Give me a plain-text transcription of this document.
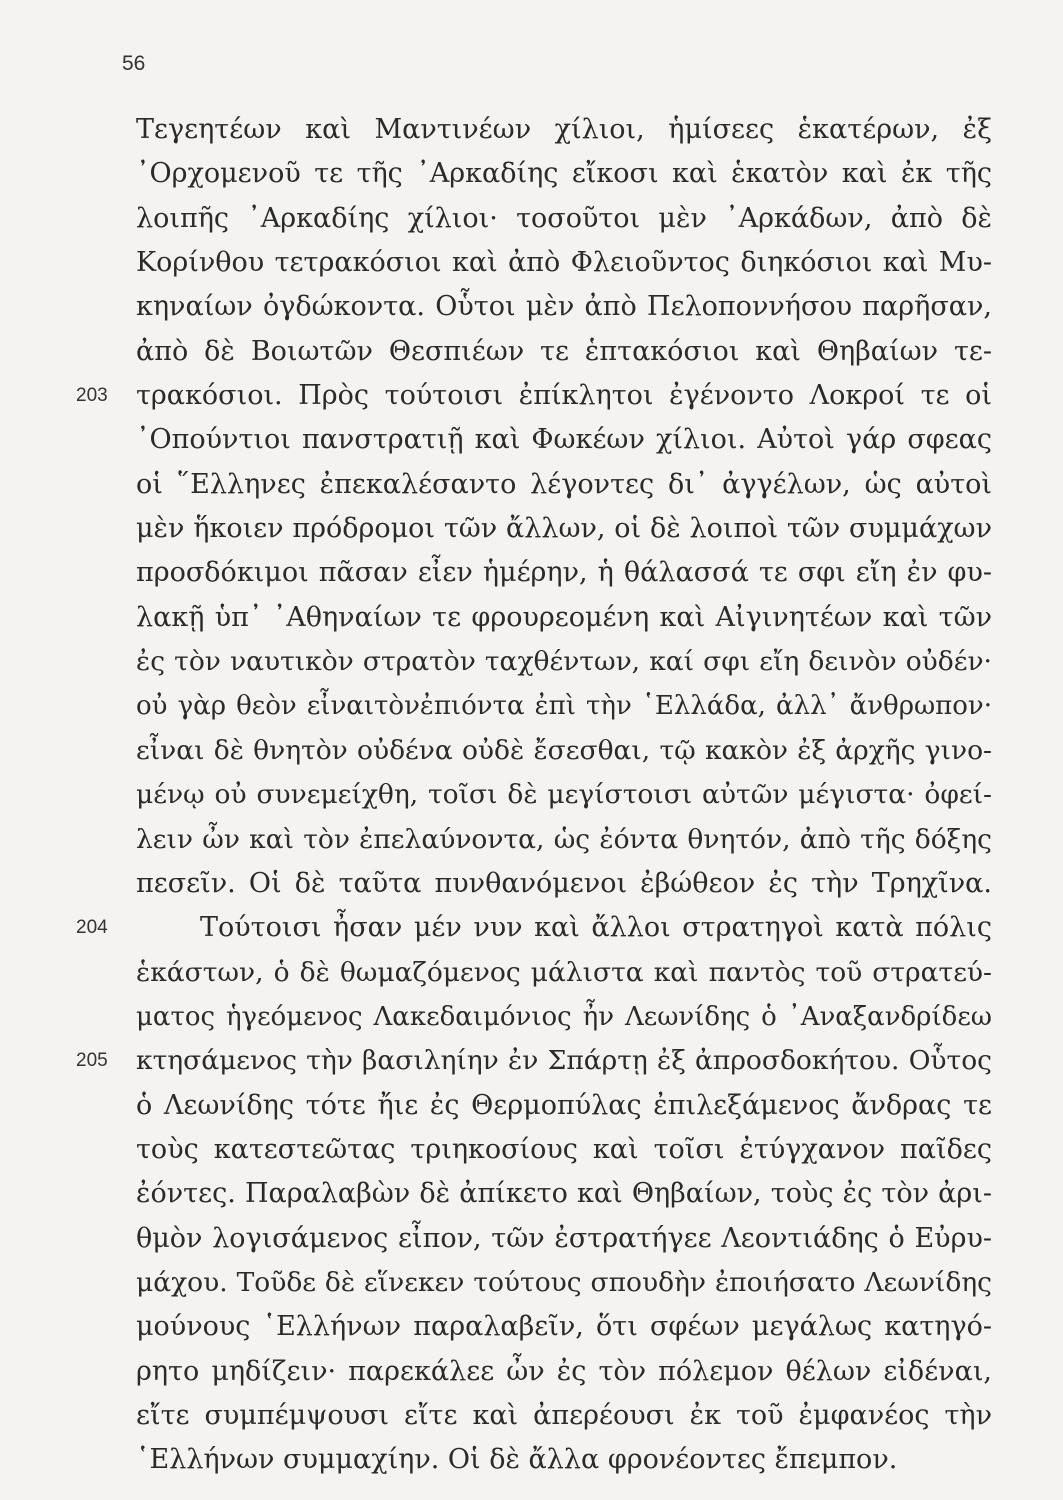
56
Τεγεητέων καὶ Μαντινέων χίλιοι, ἡμίσεες ἑκατέρων, ἐξ
᾿Ορχομενοῦ τε τῆς ᾿Αρκαδίης εἴκοσι καὶ ἑκατὸν καὶ ἐκ τῆς
λοιπῆς ᾿Αρκαδίης χίλιοι· τοσοῦτοι μὲν ᾿Αρκάδων, ἀπὸ δὲ
Κορίνθου τετρακόσιοι καὶ ἀπὸ Φλειοῦντος διηκόσιοι καὶ Μυ-
κηναίων ὀγδώκοντα. Οὗτοι μὲν ἀπὸ Πελοποννήσου παρῆσαν,
ἀπὸ δὲ Βοιωτῶν Θεσπιέων τε ἑπτακόσιοι καὶ Θηβαίων τε-
203	τρακόσιοι. Πρὸς τούτοισι ἐπίκλητοι ἐγένοντο Λοκροί τε οἱ
᾿Οπούντιοι πανστρατιῇ καὶ Φωκέων χίλιοι. Αὐτοὶ γάρ σφεας
οἱ ῞Ελληνες ἐπεκαλέσαντο λέγοντες δι᾿ ἀγγέλων, ὡς αὐτοὶ
μὲν ἥκοιεν πρόδρομοι τῶν ἄλλων, οἱ δὲ λοιποὶ τῶν συμμάχων
προσδόκιμοι πᾶσαν εἶεν ἡμέρην, ἡ θάλασσά τε σφι εἴη ἐν φυ-
λακῇ ὑπ᾿ ᾿Αθηναίων τε φρουρεομένη καὶ Αἰγινητέων καὶ τῶν
ἐς τὸν ναυτικὸν στρατὸν ταχθέντων, καί σφι εἴη δεινὸν οὐδέν·
οὐ γὰρ θεὸν εἶναιτὸνἐπιόντα ἐπὶ τὴν ῾Ελλάδα, ἀλλ᾿ ἄνθρωπον·
εἶναι δὲ θνητὸν οὐδένα οὐδὲ ἔσεσθαι, τῷ κακὸν ἐξ ἀρχῆς γινο-
μένῳ οὐ συνεμείχθη, τοῖσι δὲ μεγίστοισι αὐτῶν μέγιστα· ὀφεί-
λειν ὦν καὶ τὸν ἐπελαύνοντα, ὡς ἐόντα θνητόν, ἀπὸ τῆς δόξης
πεσεῖν. Οἱ δὲ ταῦτα πυνθανόμενοι ἐβώθεον ἐς τὴν Τρηχῖνα.
204	Τούτοισι ἦσαν μέν νυν καὶ ἄλλοι στρατηγοὶ κατὰ πόλις
ἑκάστων, ὁ δὲ θωμαζόμενος μάλιστα καὶ παντὸς τοῦ στρατεύ-
ματος ἡγεόμενος Λακεδαιμόνιος ἦν Λεωνίδης ὁ ᾿Αναξανδρίδεω
205	κτησάμενος τὴν βασιληίην ἐν Σπάρτῃ ἐξ ἀπροσδοκήτου. Οὗτος
ὁ Λεωνίδης τότε ἤιε ἐς Θερμοπύλας ἐπιλεξάμενος ἄνδρας τε
τοὺς κατεστεῶτας τριηκοσίους καὶ τοῖσι ἐτύγχανον παῖδες
ἐόντες. Παραλαβὼν δὲ ἀπίκετο καὶ Θηβαίων, τοὺς ἐς τὸν ἀρι-
θμὸν λογισάμενος εἶπον, τῶν ἐστρατήγεε Λεοντιάδης ὁ Εὐρυ-
μάχου. Τοῦδε δὲ εἵνεκεν τούτους σπουδὴν ἐποιήσατο Λεωνίδης
μούνους ῾Ελλήνων παραλαβεῖν, ὅτι σφέων μεγάλως κατηγό-
ρητο μηδίζειν· παρεκάλεε ὦν ἐς τὸν πόλεμον θέλων εἰδέναι,
εἴτε συμπέμψουσι εἴτε καὶ ἀπερέουσι ἐκ τοῦ ἐμφανέος τὴν
῾Ελλήνων συμμαχίην. Οἱ δὲ ἄλλα φρονέοντες ἔπεμπον.
